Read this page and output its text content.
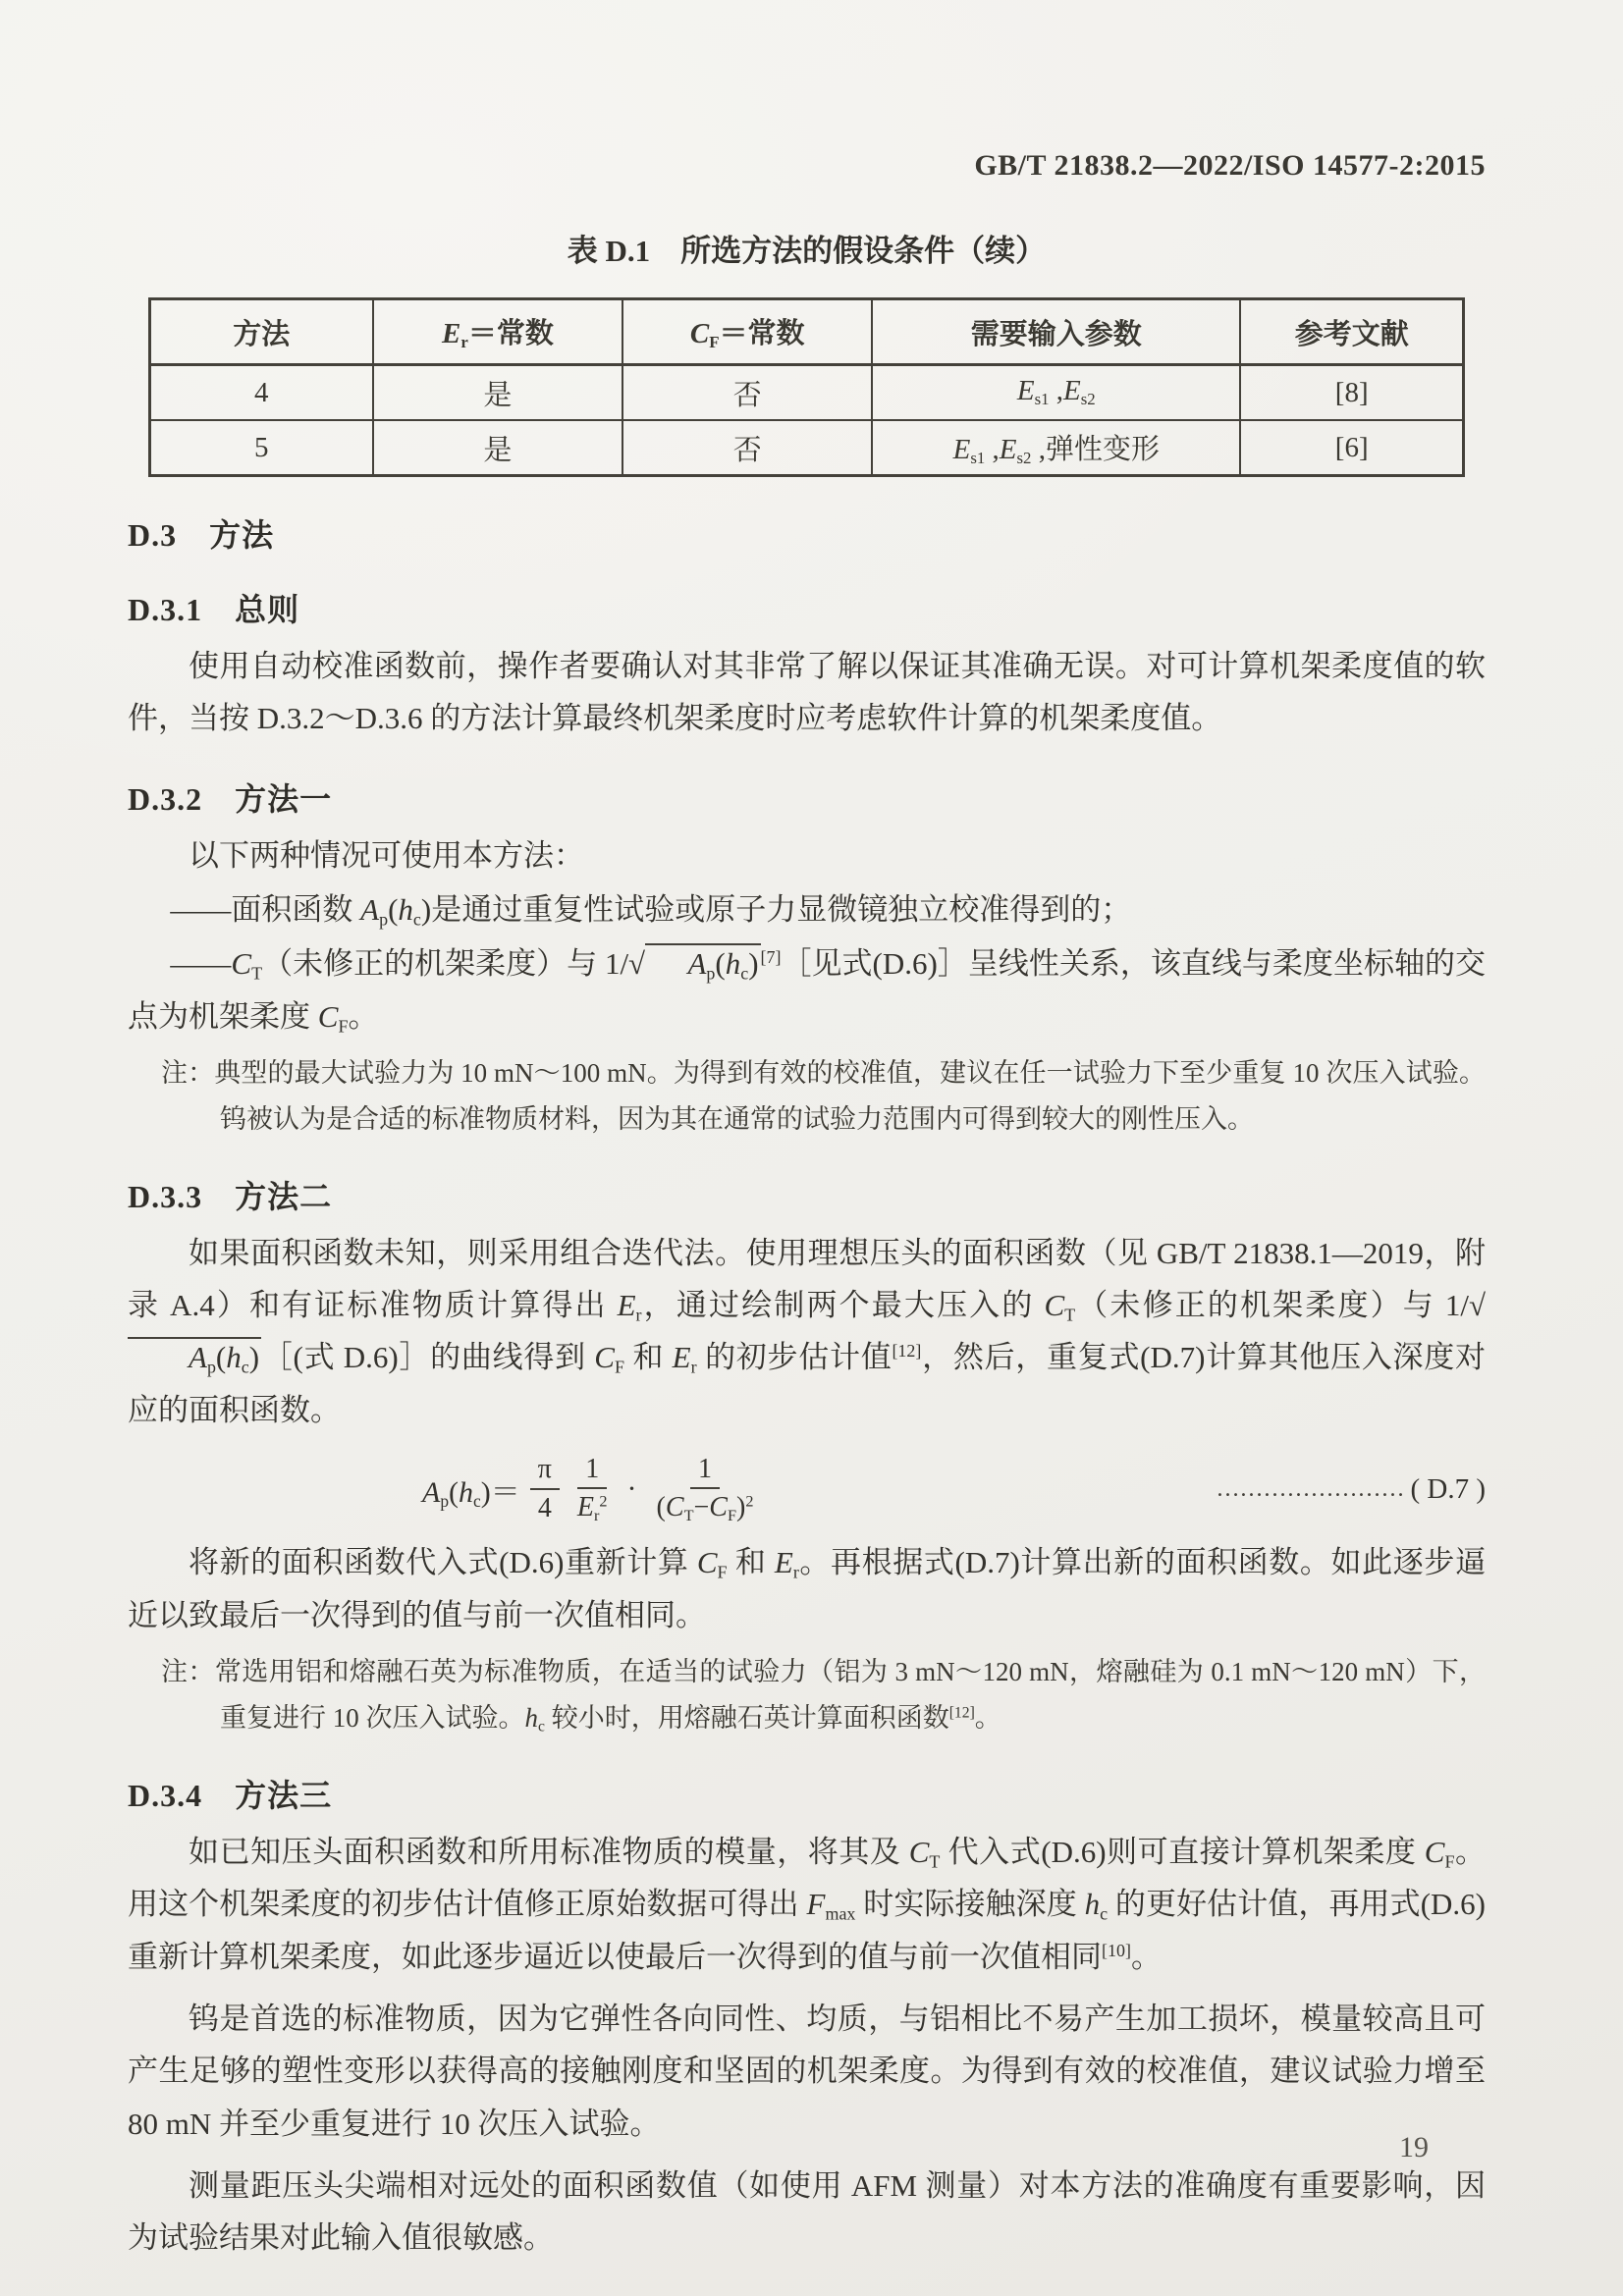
GB/T 21838.2—2022/ISO 14577-2:2015
表 D.1　所选方法的假设条件（续）
方法	$E_r=$常数	$C_F=$常数	需要输入参数	参考文献
4	是	否	$E_{s1}$ $,E_{s2}$	[8]
5	是	否	$E_{s1}$ $,E_{s2}$ ,弹性变形	[6]
D.3　方法
D.3.1　总则

使用自动校准函数前，操作者要确认对其非常了解以保证其准确无误。对可计算机架柔度值的软件，当按 D.3.2～D.3.6 的方法计算最终机架柔度时应考虑软件计算的机架柔度值。

D.3.2　方法一

以下两种情况可使用本方法：

——面积函数 $A_p(h_c)$是通过重复性试验或原子力显微镜独立校准得到的；

$——C_T$（未修正的机架柔度）与 1/√ $A_p(h_c)$ [7]［见式(D.6)］呈线性关系，该直线与柔度坐标轴的交点为机架柔度 $C_F$。

注：典型的最大试验力为 10 mN～100 mN。为得到有效的校准值，建议在任一试验力下至少重复 10 次压入试验。钨被认为是合适的标准物质材料，因为其在通常的试验力范围内可得到较大的刚性压入。

D.3.3　方法二

如果面积函数未知，则采用组合迭代法。使用理想压头的面积函数（见 GB/T 21838.1—2019，附录 A.4）和有证标准物质计算得出 $E_r$，通过绘制两个最大压入的 $C_T$（未修正的机架柔度）与 $1/√A_p(h_c)[$(式 D.6)］的曲线得到 $C_F$ 和 $E_r$ 的初步估计值[12]，然后，重复式(D.7)计算其他压入深度对应的面积函数。

$A_p(h_c)= \frac{\pi}{4} \frac{1}{E_r^2} \cdot \frac{1}{(C_T-C_F)^2}$	…………………… ( D.7 )

将新的面积函数代入式(D.6)重新计算 $C_F$ 和 $E_r$。再根据式(D.7)计算出新的面积函数。如此逐步逼近以致最后一次得到的值与前一次值相同。

注：常选用铝和熔融石英为标准物质，在适当的试验力（铝为 3 mN～120 mN，熔融硅为 0.1 mN～120 mN）下，重复进行 10 次压入试验。$h_c$ 较小时，用熔融石英计算面积函数[12]。

D.3.4　方法三

如已知压头面积函数和所用标准物质的模量，将其及 $C_T$ 代入式(D.6)则可直接计算机架柔度 $C_F$。用这个机架柔度的初步估计值修正原始数据可得出 $F_{max}$ 时实际接触深度 $h_c$ 的更好估计值，再用式(D.6)重新计算机架柔度，如此逐步逼近以使最后一次得到的值与前一次值相同[10]。

钨是首选的标准物质，因为它弹性各向同性、均质，与铝相比不易产生加工损坏，模量较高且可产生足够的塑性变形以获得高的接触刚度和坚固的机架柔度。为得到有效的校准值，建议试验力增至 80 mN 并至少重复进行 10 次压入试验。

测量距压头尖端相对远处的面积函数值（如使用 AFM 测量）对本方法的准确度有重要影响，因为试验结果对此输入值很敏感。

19
